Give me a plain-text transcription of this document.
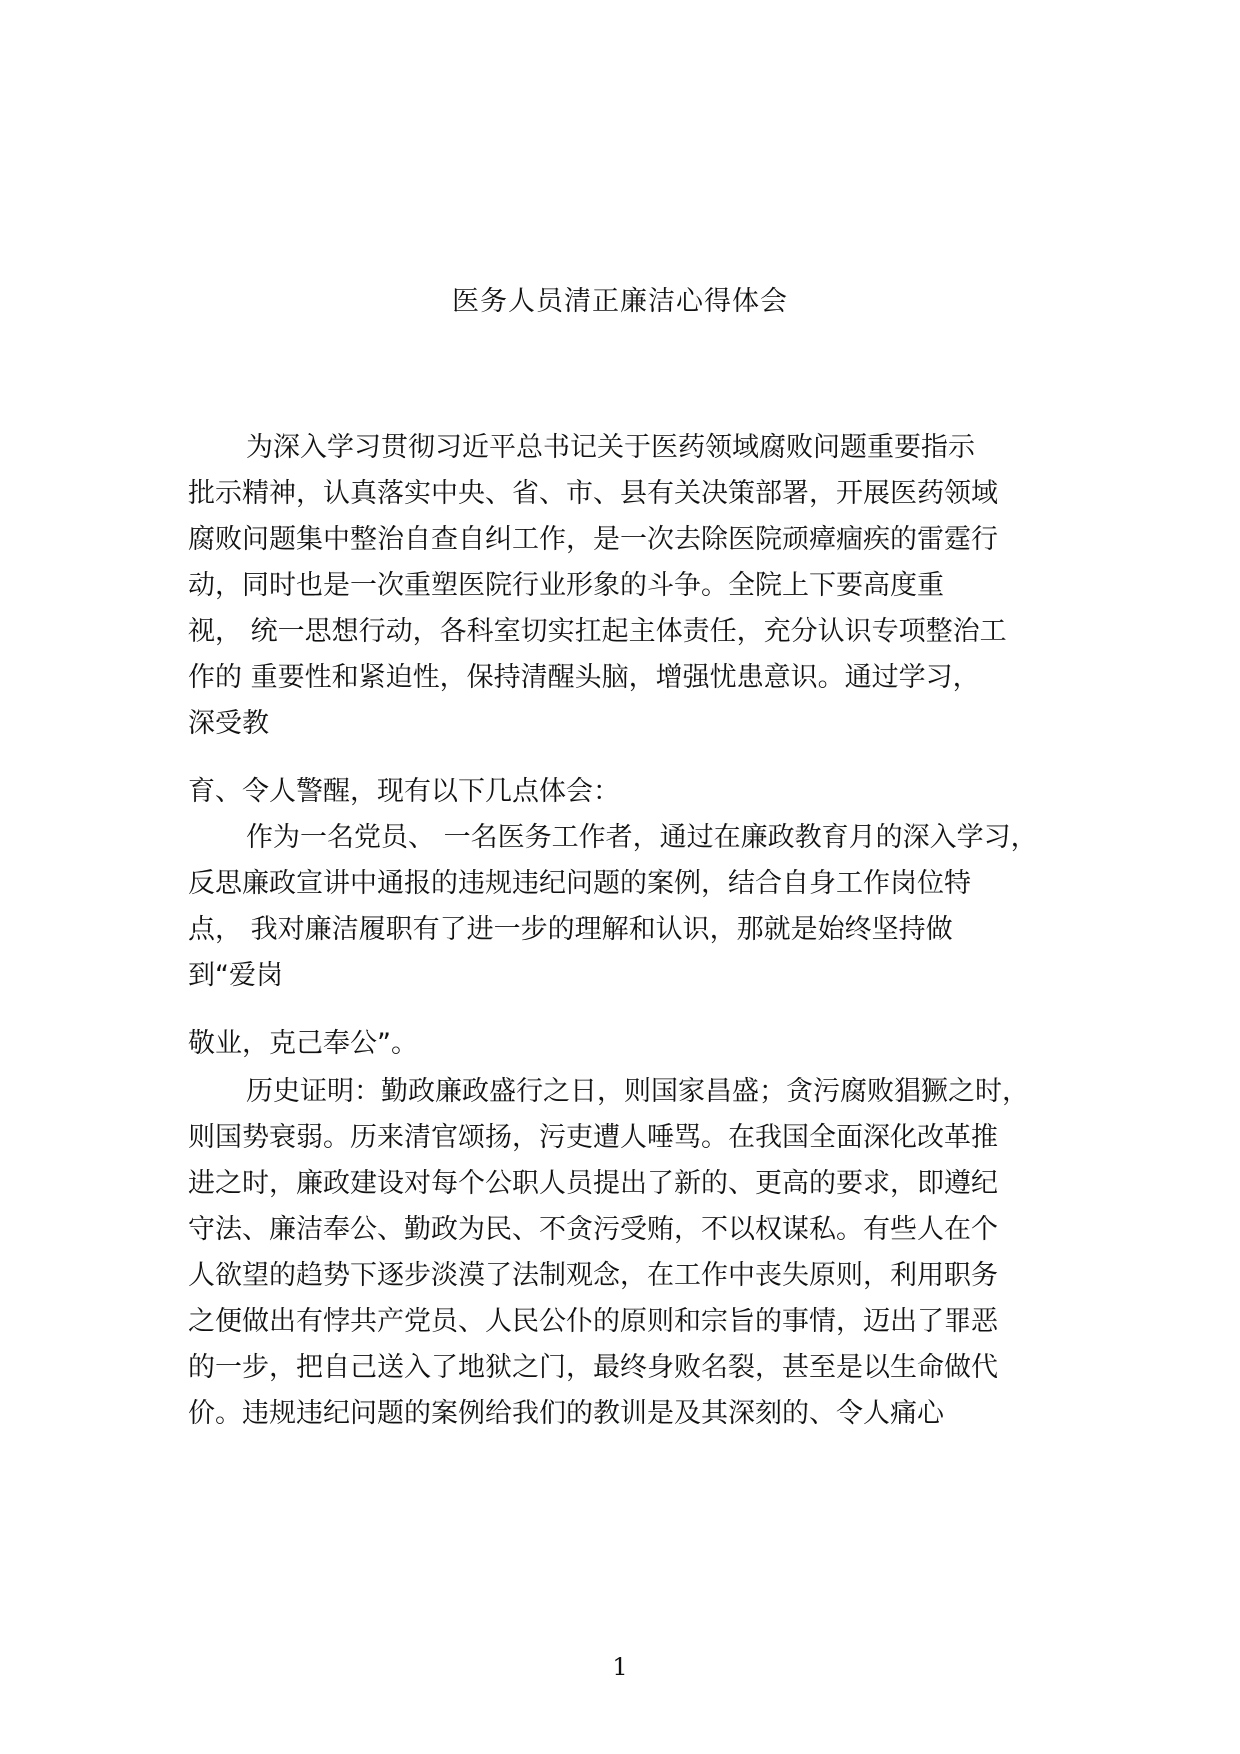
医务人员清正廉洁心得体会
为深入学习贯彻习近平总书记关于医药领域腐败问题重要指示
批示精神，认真落实中央、省、市、县有关决策部署，开展医药领域
腐败问题集中整治自查自纠工作，是一次去除医院顽瘴痼疾的雷霆行
动，同时也是一次重塑医院行业形象的斗争。全院上下要高度重
视， 统一思想行动，各科室切实扛起主体责任，充分认识专项整治工
作的 重要性和紧迫性，保持清醒头脑，增强忧患意识。通过学习，
深受教
育、令人警醒，现有以下几点体会：
作为一名党员、 一名医务工作者，通过在廉政教育月的深入学习，
反思廉政宣讲中通报的违规违纪问题的案例，结合自身工作岗位特
点， 我对廉洁履职有了进一步的理解和认识，那就是始终坚持做
到“爱岗
敬业，克己奉公”。
历史证明：勤政廉政盛行之日，则国家昌盛；贪污腐败猖獗之时，
则国势衰弱。历来清官颂扬，污吏遭人唾骂。在我国全面深化改革推
进之时，廉政建设对每个公职人员提出了新的、更高的要求，即遵纪
守法、廉洁奉公、勤政为民、不贪污受贿，不以权谋私。有些人在个
人欲望的趋势下逐步淡漠了法制观念，在工作中丧失原则，利用职务
之便做出有悖共产党员、人民公仆的原则和宗旨的事情，迈出了罪恶
的一步，把自己送入了地狱之门，最终身败名裂，甚至是以生命做代
价。违规违纪问题的案例给我们的教训是及其深刻的、令人痛心
1
